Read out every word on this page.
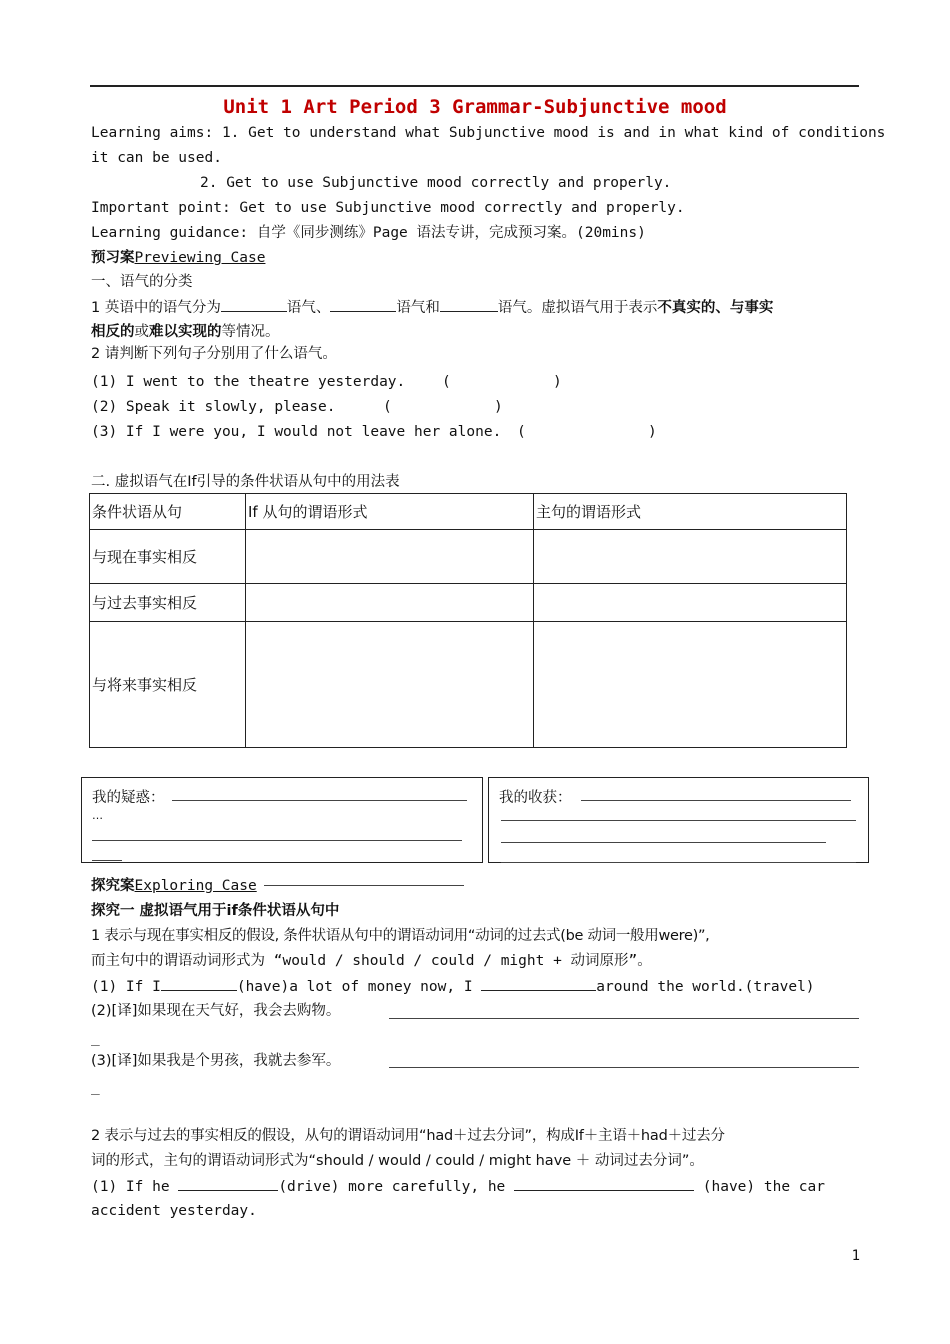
Unit 1 Art Period 3 Grammar-Subjunctive mood
Learning aims: 1. Get to understand what Subjunctive mood is and in what kind of conditions
it can be used.
2. Get to use Subjunctive mood correctly and properly.
Important point: Get to use Subjunctive mood correctly and properly.
Learning guidance: 自学《同步测练》Page 语法专讲，完成预习案。(20mins)
预习案Previewing Case
一、语气的分类
1 英语中的语气分为	语气、	语气和	语气。虚拟语气用于表示不真实的、与事实
相反的或难以实现的等情况。
2 请判断下列句子分别用了什么语气。
(1) I went to the theatre yesterday.	(	)
(2) Speak it slowly, please.	(	)
(3) If I were you, I would not leave her alone. (	)
二. 虚拟语气在If引导的条件状语从句中的用法表
条件状语从句	If 从句的谓语形式	主句的谓语形式
与现在事实相反		
与过去事实相反		
与将来事实相反		
我的疑惑：
…
我的收获：
探究案Exploring Case
探究一 虚拟语气用于if条件状语从句中
1 表示与现在事实相反的假设, 条件状语从句中的谓语动词用“动词的过去式(be 动词一般用were)”,
而主句中的谓语动词形式为 “would / should / could / might + 动词原形”。
(1) If I	(have)a lot of money now, I	around the world.(travel)
(2)[译]如果现在天气好，我会去购物。
_
(3)[译]如果我是个男孩，我就去参军。
_
2 表示与过去的事实相反的假设，从句的谓语动词用“had＋过去分词”，构成If＋主语＋had＋过去分
词的形式，主句的谓语动词形式为“should / would / could / might have ＋ 动词过去分词”。
(1) If he	(drive) more carefully, he	(have) the car
accident yesterday.
1
